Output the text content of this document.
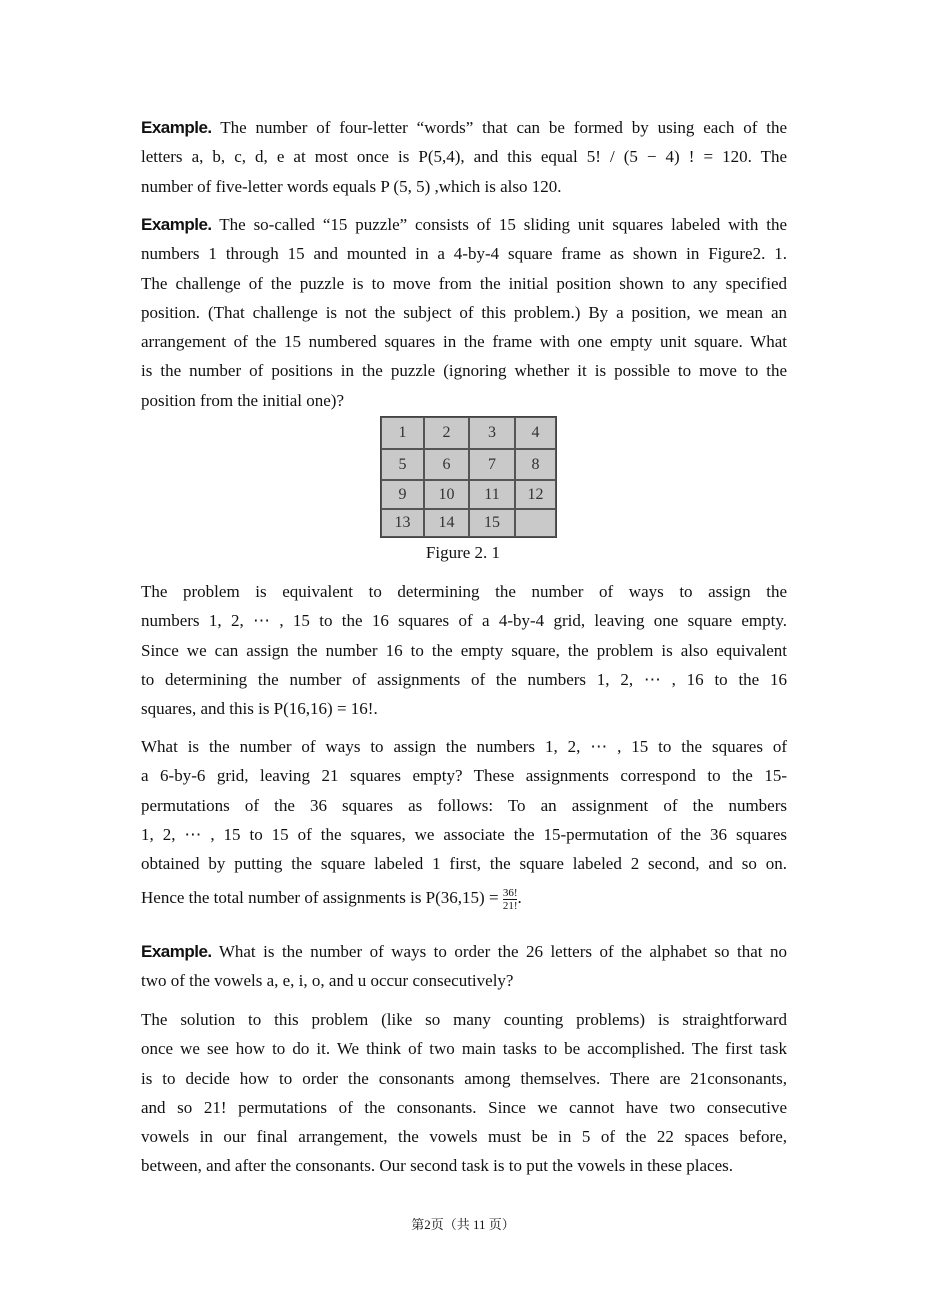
Example. The number of four-letter “words” that can be formed by using each of the
letters a, b, c, d, e at most once is P(5,4), and this equal 5! / (5 − 4) ! = 120. The
number of five-letter words equals P (5, 5) ,which is also 120.
Example. The so-called “15 puzzle” consists of 15 sliding unit squares labeled with the
numbers 1 through 15 and mounted in a 4-by-4 square frame as shown in Figure2. 1.
The challenge of the puzzle is to move from the initial position shown to any specified
position. (That challenge is not the subject of this problem.) By a position, we mean an
arrangement of the 15 numbered squares in the frame with one empty unit square. What
is the number of positions in the puzzle (ignoring whether it is possible to move to the
position from the initial one)?
1	2	3	4
5	6	7	8
9	10	11	12
13	14	15
Figure 2. 1
The problem is equivalent to determining the number of ways to assign the
numbers 1, 2, ⋯ , 15 to the 16 squares of a 4-by-4 grid, leaving one square empty.
Since we can assign the number 16 to the empty square, the problem is also equivalent
to determining the number of assignments of the numbers 1, 2, ⋯ , 16 to the 16
squares, and this is P(16,16) = 16!.
What is the number of ways to assign the numbers 1, 2, ⋯ , 15 to the squares of
a 6-by-6 grid, leaving 21 squares empty? These assignments correspond to the 15-
permutations of the 36 squares as follows: To an assignment of the numbers
1, 2, ⋯ , 15 to 15 of the squares, we associate the 15-permutation of the 36 squares
obtained by putting the square labeled 1 first, the square labeled 2 second, and so on.
Hence the total number of assignments is $P(36,15) = \frac{36!}{21!}$ .
Example. What is the number of ways to order the 26 letters of the alphabet so that no
two of the vowels a, e, i, o, and u occur consecutively?
The solution to this problem (like so many counting problems) is straightforward
once we see how to do it. We think of two main tasks to be accomplished. The first task
is to decide how to order the consonants among themselves. There are 21consonants,
and so 21! permutations of the consonants. Since we cannot have two consecutive
vowels in our final arrangement, the vowels must be in 5 of the 22 spaces before,
between, and after the consonants. Our second task is to put the vowels in these places.
第2页（共 11 页）
